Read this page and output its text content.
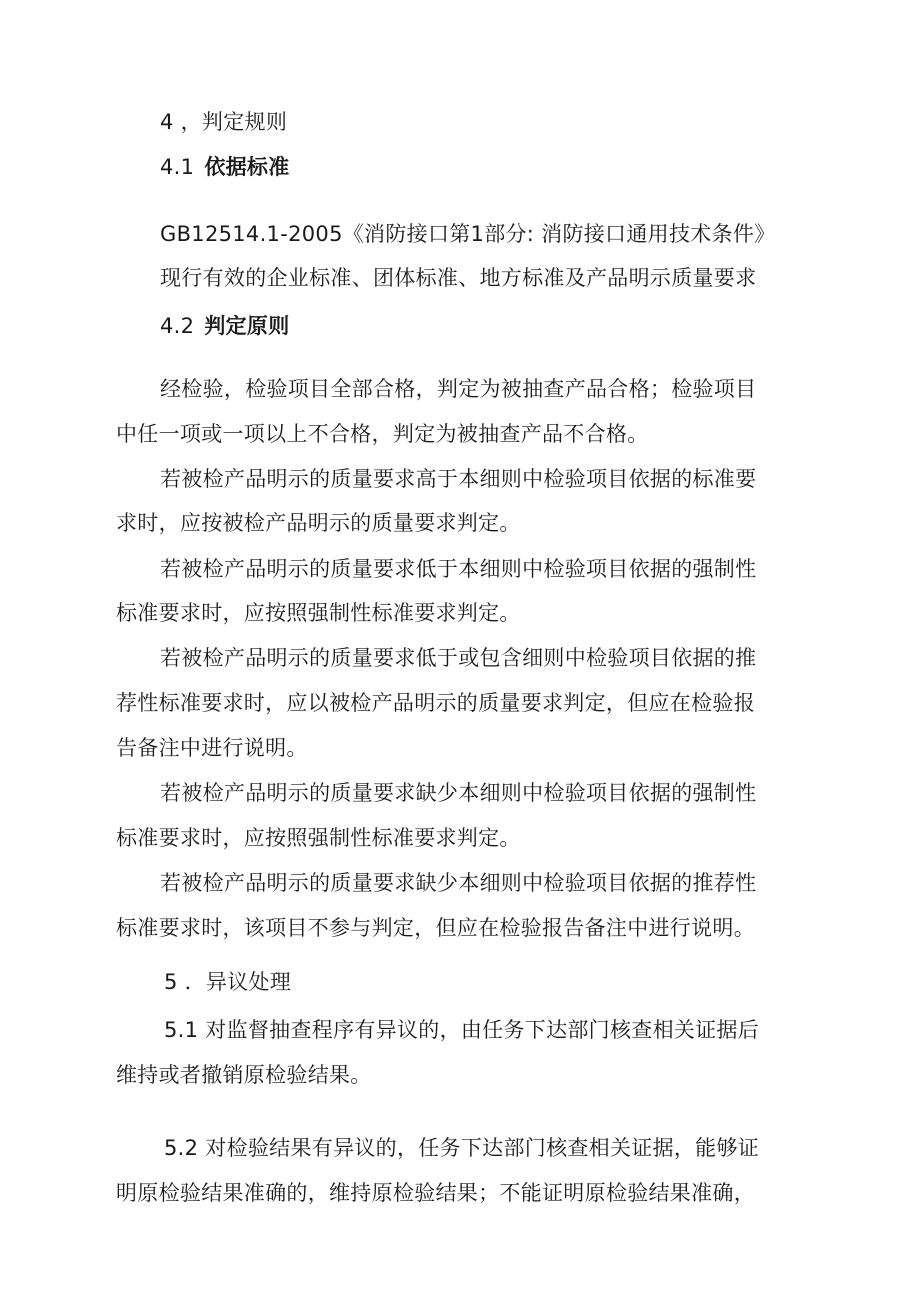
4 ，判定规则
4.1 依据标准
GB12514.1-2005《消防接口第1部分: 消防接口通用技术条件》
现行有效的企业标准、团体标准、地方标准及产品明示质量要求
4.2 判定原则
经检验，检验项目全部合格，判定为被抽查产品合格；检验项目
中任一项或一项以上不合格，判定为被抽查产品不合格。
若被检产品明示的质量要求高于本细则中检验项目依据的标准要
求时，应按被检产品明示的质量要求判定。
若被检产品明示的质量要求低于本细则中检验项目依据的强制性
标准要求时，应按照强制性标准要求判定。
若被检产品明示的质量要求低于或包含细则中检验项目依据的推
荐性标准要求时，应以被检产品明示的质量要求判定，但应在检验报
告备注中进行说明。
若被检产品明示的质量要求缺少本细则中检验项目依据的强制性
标准要求时，应按照强制性标准要求判定。
若被检产品明示的质量要求缺少本细则中检验项目依据的推荐性
标准要求时，该项目不参与判定，但应在检验报告备注中进行说明。
5 ．异议处理
5.1 对监督抽查程序有异议的，由任务下达部门核查相关证据后
维持或者撤销原检验结果。
5.2 对检验结果有异议的，任务下达部门核查相关证据，能够证
明原检验结果准确的，维持原检验结果；不能证明原检验结果准确，
